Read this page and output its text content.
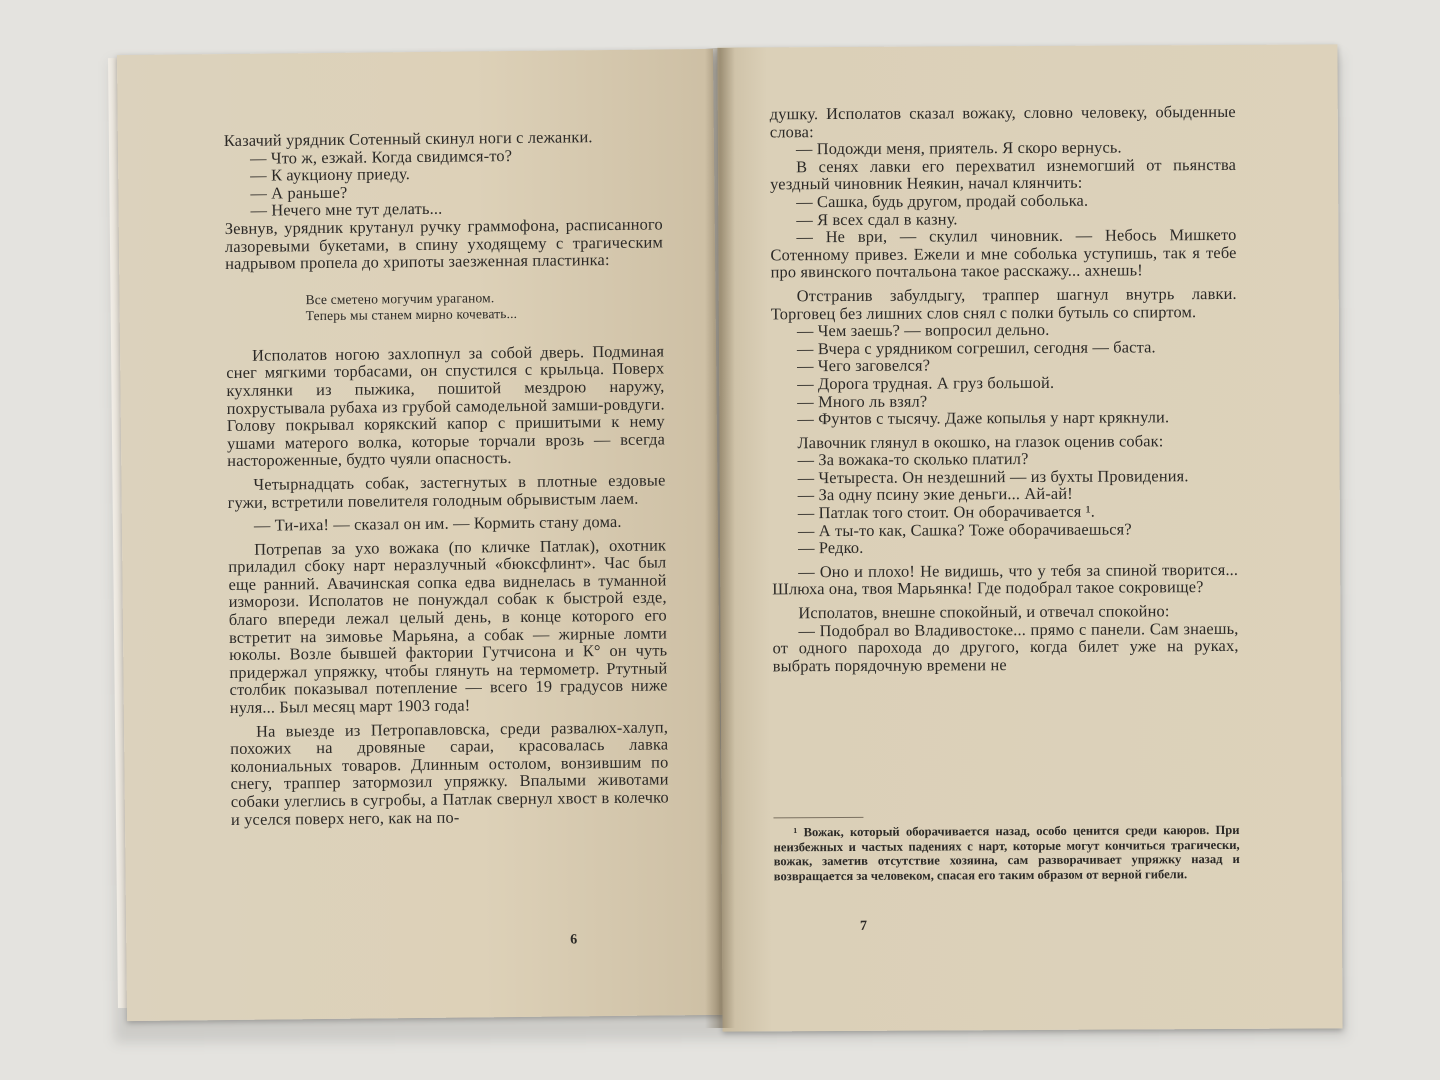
Казачий урядник Сотенный скинул ноги с лежанки.

— Что ж, езжай. Когда свидимся-то?

— К аукциону приеду.

— А раньше?

— Нечего мне тут делать...

Зевнув, урядник крутанул ручку граммофона, расписанного лазоревыми букетами, в спину уходящему с трагическим надрывом пропела до хрипоты заезженная пластинка:

Все сметено могучим ураганом.
Теперь мы станем мирно кочевать...

Исполатов ногою захлопнул за собой дверь. Подминая снег мягкими торбасами, он спустился с крыльца. Поверх кухлянки из пыжика, пошитой мездрою наружу, похрустывала рубаха из грубой самодельной замши-ровдуги. Голову покрывал корякский капор с пришитыми к нему ушами матерого волка, которые торчали врозь — всегда настороженные, будто чуяли опасность.

Четырнадцать собак, застегнутых в плотные ездовые гужи, встретили повелителя голодным обрывистым лаем.

— Ти-иха! — сказал он им. — Кормить стану дома.

Потрепав за ухо вожака (по кличке Патлак), охотник приладил сбоку нарт неразлучный «бюксфлинт». Час был еще ранний. Авачинская сопка едва виднелась в туманной изморози. Исполатов не понуждал собак к быстрой езде, благо впереди лежал целый день, в конце которого его встретит на зимовье Марьяна, а собак — жирные ломти юколы. Возле бывшей фактории Гутчисона и К° он чуть придержал упряжку, чтобы глянуть на термометр. Ртутный столбик показывал потепление — всего 19 градусов ниже нуля... Был месяц март 1903 года!

На выезде из Петропавловска, среди развалюх-халуп, похожих на дровяные сараи, красовалась лавка колониальных товаров. Длинным остолом, вонзившим по снегу, траппер затормозил упряжку. Впалыми животами собаки улеглись в сугробы, а Патлак свернул хвост в колечко и уселся поверх него, как на по-

6

душку. Исполатов сказал вожаку, словно человеку, обыденные слова:

— Подожди меня, приятель. Я скоро вернусь.

В сенях лавки его перехватил изнемогший от пьянства уездный чиновник Неякин, начал клянчить:

— Сашка, будь другом, продай соболька.

— Я всех сдал в казну.

— Не ври, — скулил чиновник. — Небось Мишкето Сотенному привез. Ежели и мне соболька уступишь, так я тебе про явинского почтальона такое расскажу... ахнешь!

Отстранив забулдыгу, траппер шагнул внутрь лавки. Торговец без лишних слов снял с полки бутыль со спиртом.

— Чем заешь? — вопросил дельно.

— Вчера с урядником согрешил, сегодня — баста.

— Чего заговелся?

— Дорога трудная. А груз большой.

— Много ль взял?

— Фунтов с тысячу. Даже копылья у нарт крякнули.

Лавочник глянул в окошко, на глазок оценив собак:

— За вожака-то сколько платил?

— Четыреста. Он нездешний — из бухты Провидения.

— За одну псину экие деньги... Ай-ай!

— Патлак того стоит. Он оборачивается ¹.

— А ты-то как, Сашка? Тоже оборачиваешься?

— Редко.

— Оно и плохо! Не видишь, что у тебя за спиной творится... Шлюха она, твоя Марьянка! Где подобрал такое сокровище?

Исполатов, внешне спокойный, и отвечал спокойно:

— Подобрал во Владивостоке... прямо с панели. Сам знаешь, от одного парохода до другого, когда билет уже на руках, выбрать порядочную времени не

¹ Вожак, который оборачивается назад, особо ценится среди каюров. При неизбежных и частых падениях с нарт, которые могут кончиться трагически, вожак, заметив отсутствие хозяина, сам разворачивает упряжку назад и возвращается за человеком, спасая его таким образом от верной гибели.

7
